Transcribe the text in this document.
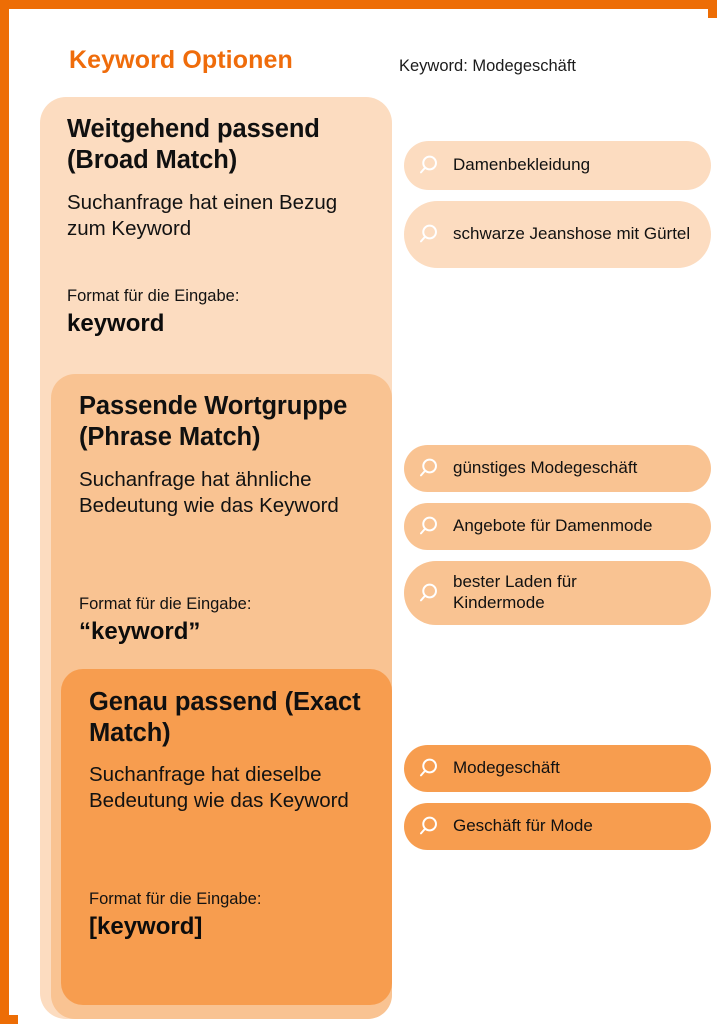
Keyword Optionen	Keyword: Modegeschäft
Weitgehend passend (Broad Match)
Suchanfrage hat einen Bezug zum Keyword
Format für die Eingabe:
keyword
Passende Wortgruppe (Phrase Match)
Suchanfrage hat ähnliche Bedeutung wie das Keyword
Format für die Eingabe:
“keyword”
Genau passend (Exact Match)
Suchanfrage hat dieselbe Bedeutung wie das Keyword
Format für die Eingabe:
[keyword]
Damenbekleidung
schwarze Jeanshose mit Gürtel
günstiges Modegeschäft
Angebote für Damenmode
bester Laden für Kindermode
Modegeschäft
Geschäft für Mode
